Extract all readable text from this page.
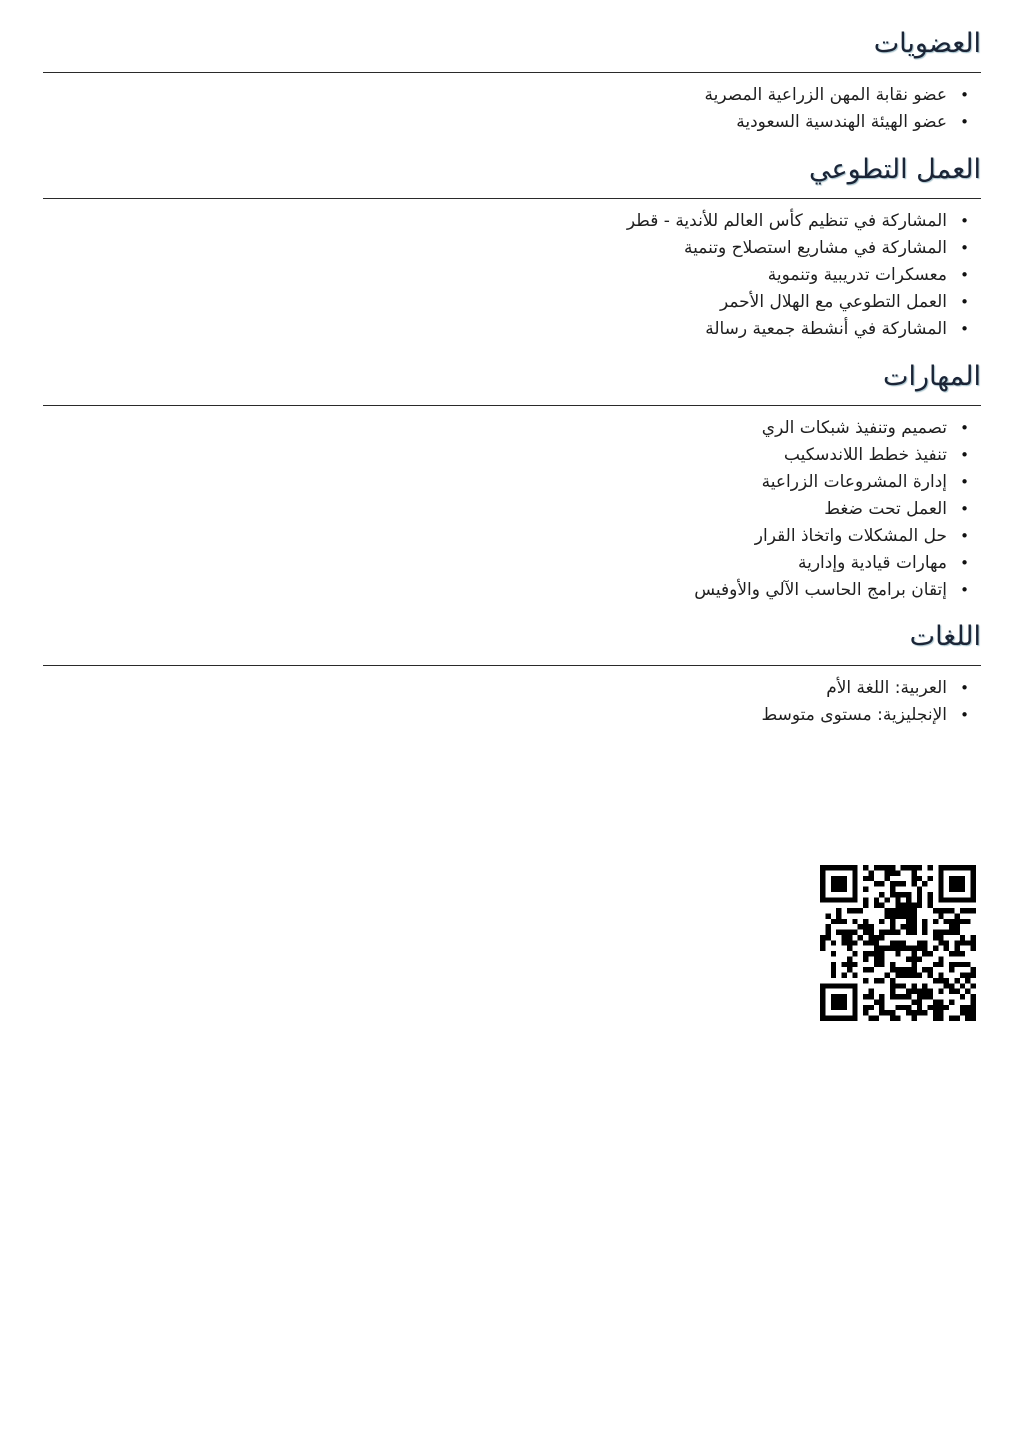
العضويات
• عضو نقابة المهن الزراعية المصرية
• عضو الهيئة الهندسية السعودية
العمل التطوعي
• المشاركة في تنظيم كأس العالم للأندية - قطر
• المشاركة في مشاريع استصلاح وتنمية
• معسكرات تدريبية وتنموية
• العمل التطوعي مع الهلال الأحمر
• المشاركة في أنشطة جمعية رسالة
المهارات
• تصميم وتنفيذ شبكات الري
• تنفيذ خطط اللاندسكيب
• إدارة المشروعات الزراعية
• العمل تحت ضغط
• حل المشكلات واتخاذ القرار
• مهارات قيادية وإدارية
• إتقان برامج الحاسب الآلي والأوفيس
اللغات
• العربية: اللغة الأم
• الإنجليزية: مستوى متوسط
